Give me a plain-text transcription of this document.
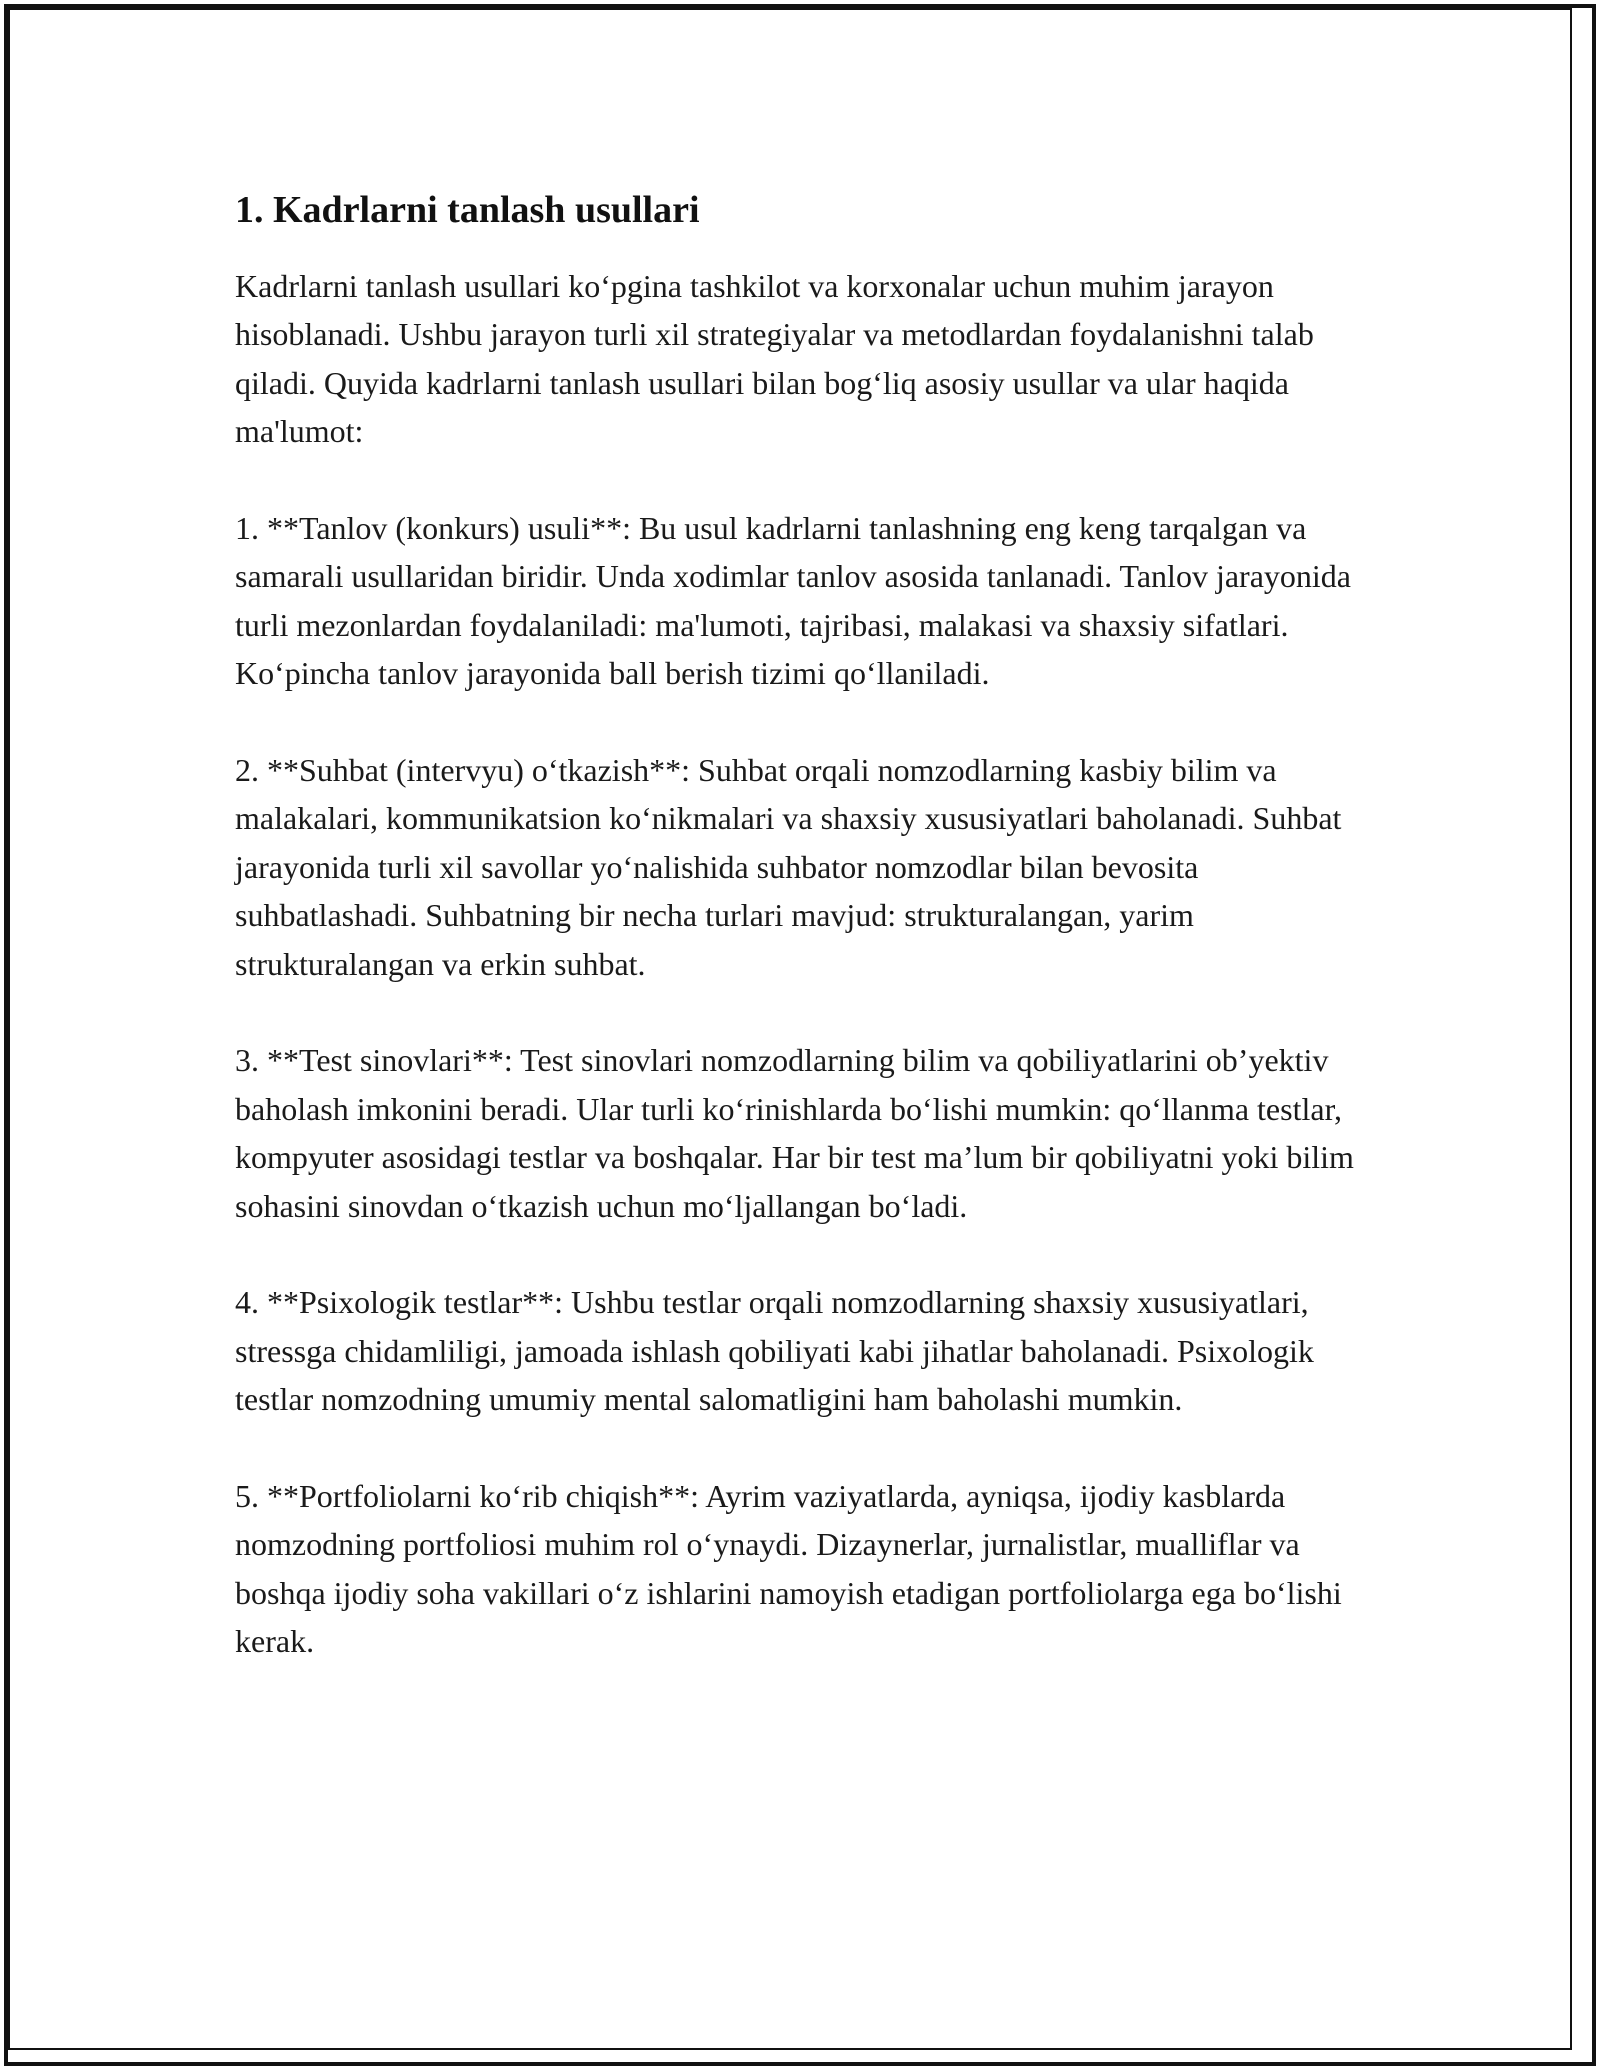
1. Kadrlarni tanlash usullari

Kadrlarni tanlash usullari ko‘pgina tashkilot va korxonalar uchun muhim jarayon hisoblanadi. Ushbu jarayon turli xil strategiyalar va metodlardan foydalanishni talab qiladi. Quyida kadrlarni tanlash usullari bilan bog‘liq asosiy usullar va ular haqida ma'lumot:

1. **Tanlov (konkurs) usuli**: Bu usul kadrlarni tanlashning eng keng tarqalgan va samarali usullaridan biridir. Unda xodimlar tanlov asosida tanlanadi. Tanlov jarayonida turli mezonlardan foydalaniladi: ma'lumoti, tajribasi, malakasi va shaxsiy sifatlari. Ko‘pincha tanlov jarayonida ball berish tizimi qo‘llaniladi.

2. **Suhbat (intervyu) o‘tkazish**: Suhbat orqali nomzodlarning kasbiy bilim va malakalari, kommunikatsion ko‘nikmalari va shaxsiy xususiyatlari baholanadi. Suhbat jarayonida turli xil savollar yo‘nalishida suhbator nomzodlar bilan bevosita suhbatlashadi. Suhbatning bir necha turlari mavjud: strukturalangan, yarim strukturalangan va erkin suhbat.

3. **Test sinovlari**: Test sinovlari nomzodlarning bilim va qobiliyatlarini ob’yektiv baholash imkonini beradi. Ular turli ko‘rinishlarda bo‘lishi mumkin: qo‘llanma testlar, kompyuter asosidagi testlar va boshqalar. Har bir test ma’lum bir qobiliyatni yoki bilim sohasini sinovdan o‘tkazish uchun mo‘ljallangan bo‘ladi.

4. **Psixologik testlar**: Ushbu testlar orqali nomzodlarning shaxsiy xususiyatlari, stressga chidamliligi, jamoada ishlash qobiliyati kabi jihatlar baholanadi. Psixologik testlar nomzodning umumiy mental salomatligini ham baholashi mumkin.

5. **Portfoliolarni ko‘rib chiqish**: Ayrim vaziyatlarda, ayniqsa, ijodiy kasblarda nomzodning portfoliosi muhim rol o‘ynaydi. Dizaynerlar, jurnalistlar, mualliflar va boshqa ijodiy soha vakillari o‘z ishlarini namoyish etadigan portfoliolarga ega bo‘lishi kerak.
